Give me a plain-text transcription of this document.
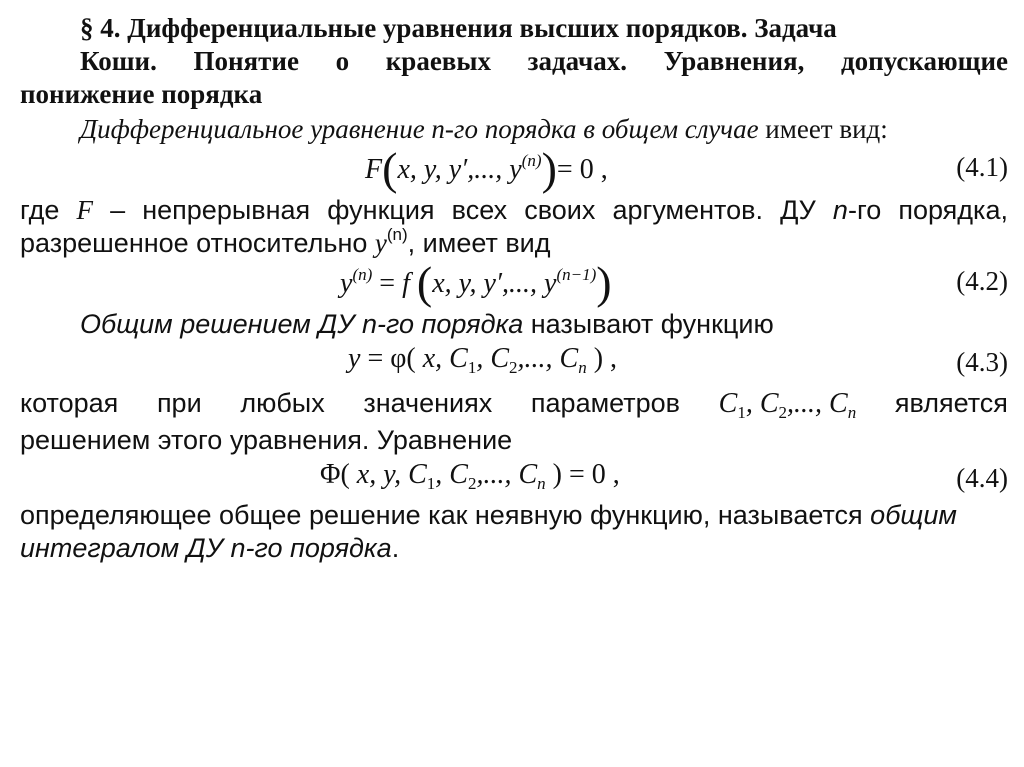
§ 4. Дифференциальные уравнения высших порядков. Задача
Коши. Понятие о краевых задачах. Уравнения, допускающие
понижение порядка

Дифференциальное уравнение n-го порядка в общем случае имеет вид:

F(x, y, y′,..., $y^{(n)})= 0$ ,	(4.1)

где F – непрерывная функция всех своих аргументов. ДУ n-го порядка, разрешенное относительно $y^{(n)}$, имеет вид

$y^{(n)} = f$ (x, y, y′,..., $y^{(n-1)}$)	(4.2)

Общим решением ДУ n-го порядка называют функцию

y = φ( x, $C_1$, $C_2$,..., $C_n$ ) ,	(4.3)
которая при любых значениях параметров $C_1$, $C_2$,..., $C_n$ является

решением этого уравнения. Уравнение

Φ( x, y, $C_1$, $C_2$,..., $C_n$ ) = 0 ,	(4.4)

определяющее общее решение как неявную функцию, называется общим
интегралом ДУ n-го порядка.
